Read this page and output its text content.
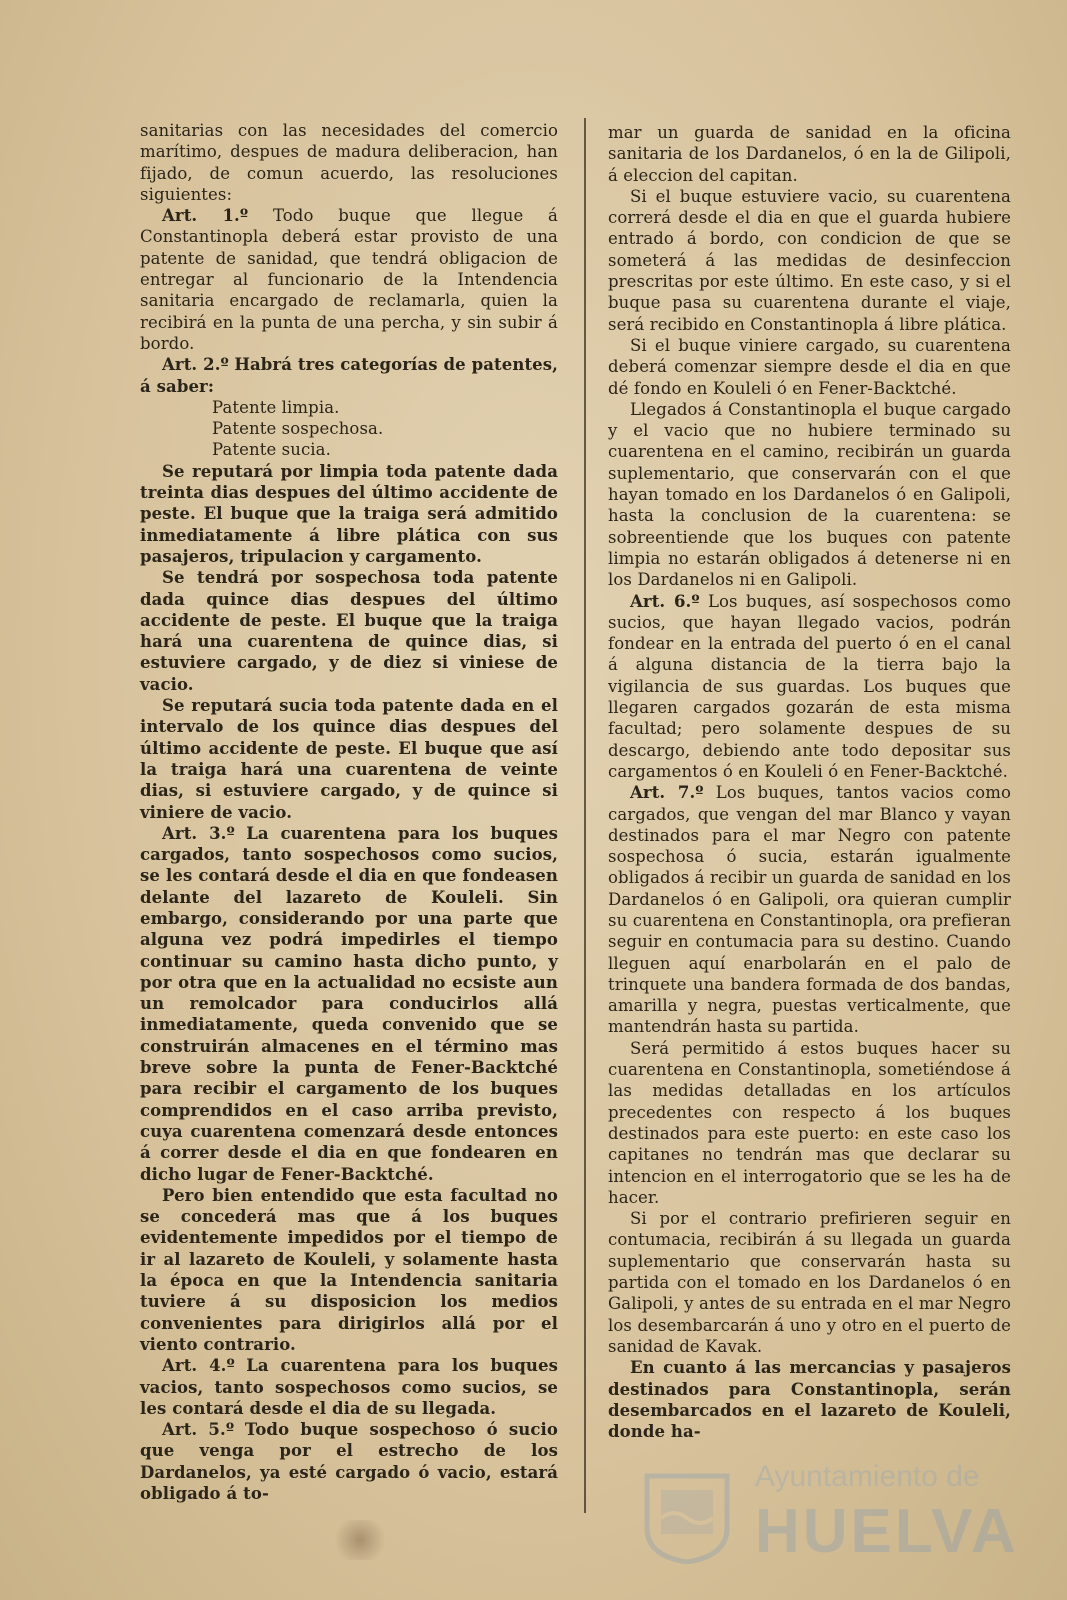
sanitarias con las necesidades del comercio marítimo, despues de madura deliberacion, han fijado, de comun acuerdo, las resoluciones siguientes:

Art. 1.º Todo buque que llegue á Constantinopla deberá estar provisto de una patente de sanidad, que tendrá obligacion de entregar al funcionario de la Intendencia sanitaria encargado de reclamarla, quien la recibirá en la punta de una percha, y sin subir á bordo.

Art. 2.º Habrá tres categorías de patentes, á saber:

Patente limpia.

Patente sospechosa.

Patente sucia.

Se reputará por limpia toda patente dada treinta dias despues del último accidente de peste. El buque que la traiga será admitido inmediatamente á libre plática con sus pasajeros, tripulacion y cargamento.

Se tendrá por sospechosa toda patente dada quince dias despues del último accidente de peste. El buque que la traiga hará una cuarentena de quince dias, si estuviere cargado, y de diez si viniese de vacio.

Se reputará sucia toda patente dada en el intervalo de los quince dias despues del último accidente de peste. El buque que así la traiga hará una cuarentena de veinte dias, si estuviere cargado, y de quince si viniere de vacio.

Art. 3.º La cuarentena para los buques cargados, tanto sospechosos como sucios, se les contará desde el dia en que fondeasen delante del lazareto de Kouleli. Sin embargo, considerando por una parte que alguna vez podrá impedirles el tiempo continuar su camino hasta dicho punto, y por otra que en la actualidad no ecsiste aun un remolcador para conducirlos allá inmediatamente, queda convenido que se construirán almacenes en el término mas breve sobre la punta de Fener-Backtché para recibir el cargamento de los buques comprendidos en el caso arriba previsto, cuya cuarentena comenzará desde entonces á correr desde el dia en que fondearen en dicho lugar de Fener-Backtché.

Pero bien entendido que esta facultad no se concederá mas que á los buques evidentemente impedidos por el tiempo de ir al lazareto de Kouleli, y solamente hasta la época en que la Intendencia sanitaria tuviere á su disposicion los medios convenientes para dirigirlos allá por el viento contrario.

Art. 4.º La cuarentena para los buques vacios, tanto sospechosos como sucios, se les contará desde el dia de su llegada.

Art. 5.º Todo buque sospechoso ó sucio que venga por el estrecho de los Dardanelos, ya esté cargado ó vacio, estará obligado á to-

mar un guarda de sanidad en la oficina sanitaria de los Dardanelos, ó en la de Gilipoli, á eleccion del capitan.

Si el buque estuviere vacio, su cuarentena correrá desde el dia en que el guarda hubiere entrado á bordo, con condicion de que se someterá á las medidas de desinfeccion prescritas por este último. En este caso, y si el buque pasa su cuarentena durante el viaje, será recibido en Constantinopla á libre plática.

Si el buque viniere cargado, su cuarentena deberá comenzar siempre desde el dia en que dé fondo en Kouleli ó en Fener-Backtché.

Llegados á Constantinopla el buque cargado y el vacio que no hubiere terminado su cuarentena en el camino, recibirán un guarda suplementario, que conservarán con el que hayan tomado en los Dardanelos ó en Galipoli, hasta la conclusion de la cuarentena: se sobreentiende que los buques con patente limpia no estarán obligados á detenerse ni en los Dardanelos ni en Galipoli.

Art. 6.º Los buques, así sospechosos como sucios, que hayan llegado vacios, podrán fondear en la entrada del puerto ó en el canal á alguna distancia de la tierra bajo la vigilancia de sus guardas. Los buques que llegaren cargados gozarán de esta misma facultad; pero solamente despues de su descargo, debiendo ante todo depositar sus cargamentos ó en Kouleli ó en Fener-Backtché.

Art. 7.º Los buques, tantos vacios como cargados, que vengan del mar Blanco y vayan destinados para el mar Negro con patente sospechosa ó sucia, estarán igualmente obligados á recibir un guarda de sanidad en los Dardanelos ó en Galipoli, ora quieran cumplir su cuarentena en Constantinopla, ora prefieran seguir en contumacia para su destino. Cuando lleguen aquí enarbolarán en el palo de trinquete una bandera formada de dos bandas, amarilla y negra, puestas verticalmente, que mantendrán hasta su partida.

Será permitido á estos buques hacer su cuarentena en Constantinopla, sometiéndose á las medidas detalladas en los artículos precedentes con respecto á los buques destinados para este puerto: en este caso los capitanes no tendrán mas que declarar su intencion en el interrogatorio que se les ha de hacer.

Si por el contrario prefirieren seguir en contumacia, recibirán á su llegada un guarda suplementario que conservarán hasta su partida con el tomado en los Dardanelos ó en Galipoli, y antes de su entrada en el mar Negro los desembarcarán á uno y otro en el puerto de sanidad de Kavak.

En cuanto á las mercancias y pasajeros destinados para Constantinopla, serán desembarcados en el lazareto de Kouleli, donde ha-

Ayuntamiento de
HUELVA
